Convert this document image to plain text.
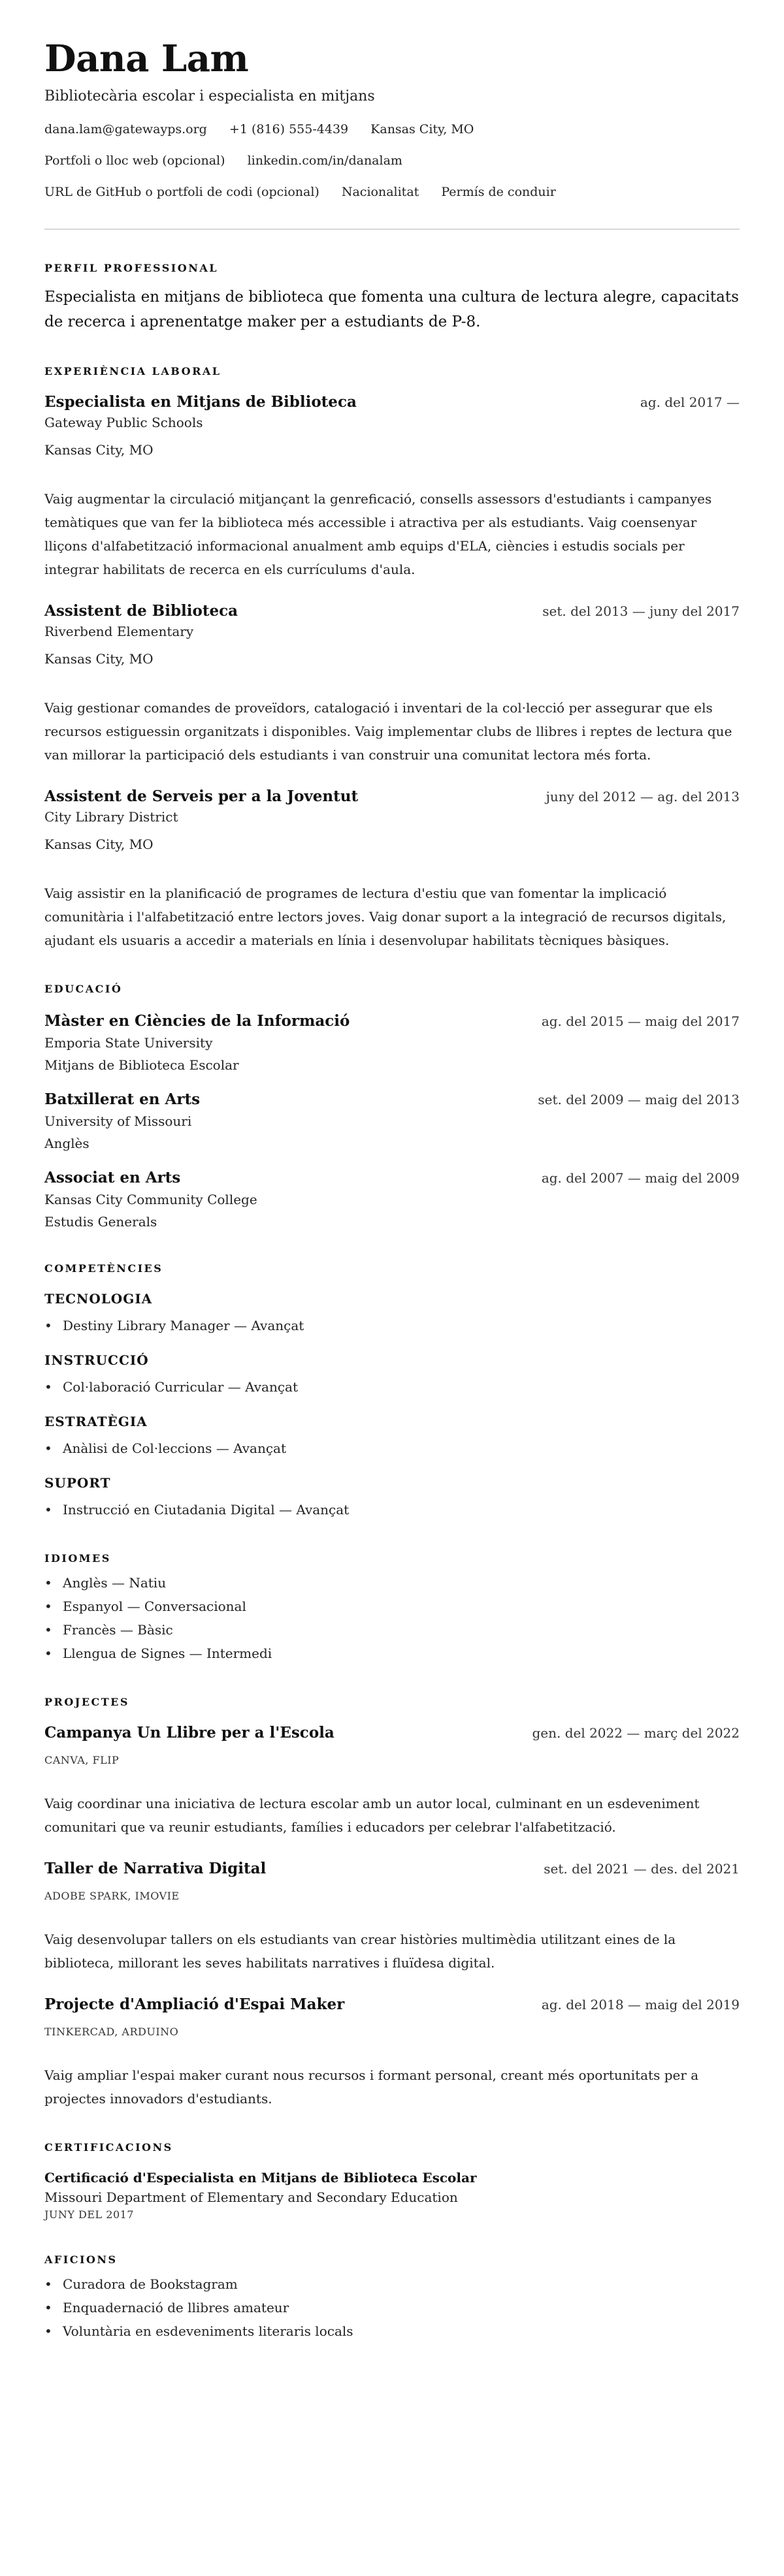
Dana Lam
Bibliotecària escolar i especialista en mitjans
dana.lam@gatewayps.org +1 (816) 555-4439 Kansas City, MO
Portfoli o lloc web (opcional) linkedin.com/in/danalam
URL de GitHub o portfoli de codi (opcional) Nacionalitat Permís de conduir
PERFIL PROFESSIONAL
Especialista en mitjans de biblioteca que fomenta una cultura de lectura alegre, capacitats de recerca i aprenentatge maker per a estudiants de P-8.
EXPERIÈNCIA LABORAL
Especialista en Mitjans de Biblioteca	ag. del 2017 —
Gateway Public Schools
Kansas City, MO
Vaig augmentar la circulació mitjançant la genreficació, consells assessors d'estudiants i campanyes temàtiques que van fer la biblioteca més accessible i atractiva per als estudiants. Vaig coensenyar lliçons d'alfabetització informacional anualment amb equips d'ELA, ciències i estudis socials per integrar habilitats de recerca en els currículums d'aula.
Assistent de Biblioteca	set. del 2013 — juny del 2017
Riverbend Elementary
Kansas City, MO
Vaig gestionar comandes de proveïdors, catalogació i inventari de la col·lecció per assegurar que els recursos estiguessin organitzats i disponibles. Vaig implementar clubs de llibres i reptes de lectura que van millorar la participació dels estudiants i van construir una comunitat lectora més forta.
Assistent de Serveis per a la Joventut	juny del 2012 — ag. del 2013
City Library District
Kansas City, MO
Vaig assistir en la planificació de programes de lectura d'estiu que van fomentar la implicació comunitària i l'alfabetització entre lectors joves. Vaig donar suport a la integració de recursos digitals, ajudant els usuaris a accedir a materials en línia i desenvolupar habilitats tècniques bàsiques.
EDUCACIÓ
Màster en Ciències de la Informació	ag. del 2015 — maig del 2017
Emporia State University
Mitjans de Biblioteca Escolar
Batxillerat en Arts	set. del 2009 — maig del 2013
University of Missouri
Anglès
Associat en Arts	ag. del 2007 — maig del 2009
Kansas City Community College
Estudis Generals
COMPETÈNCIES
TECNOLOGIA
• Destiny Library Manager — Avançat
INSTRUCCIÓ
• Col·laboració Curricular — Avançat
ESTRATÈGIA
• Anàlisi de Col·leccions — Avançat
SUPORT
• Instrucció en Ciutadania Digital — Avançat
IDIOMES
• Anglès — Natiu
• Espanyol — Conversacional
• Francès — Bàsic
• Llengua de Signes — Intermedi
PROJECTES
Campanya Un Llibre per a l'Escola	gen. del 2022 — març del 2022
CANVA, FLIP
Vaig coordinar una iniciativa de lectura escolar amb un autor local, culminant en un esdeveniment comunitari que va reunir estudiants, famílies i educadors per celebrar l'alfabetització.
Taller de Narrativa Digital	set. del 2021 — des. del 2021
ADOBE SPARK, IMOVIE
Vaig desenvolupar tallers on els estudiants van crear històries multimèdia utilitzant eines de la biblioteca, millorant les seves habilitats narratives i fluïdesa digital.
Projecte d'Ampliació d'Espai Maker	ag. del 2018 — maig del 2019
TINKERCAD, ARDUINO
Vaig ampliar l'espai maker curant nous recursos i formant personal, creant més oportunitats per a projectes innovadors d'estudiants.
CERTIFICACIONS
Certificació d'Especialista en Mitjans de Biblioteca Escolar
Missouri Department of Elementary and Secondary Education
JUNY DEL 2017
AFICIONS
• Curadora de Bookstagram
• Enquadernació de llibres amateur
• Voluntària en esdeveniments literaris locals
